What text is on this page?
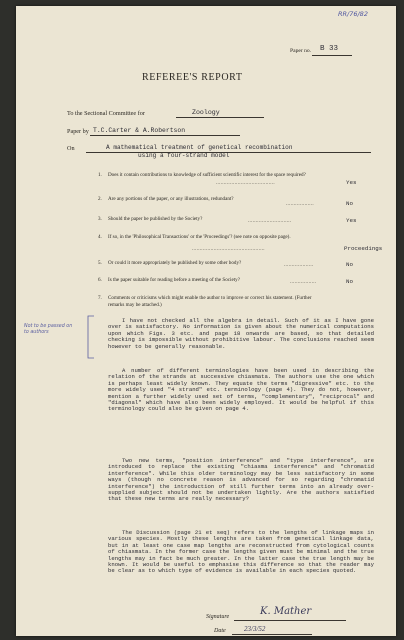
RR/76/82
Paper no. B 33
REFEREE'S REPORT
To the Sectional Committee for	Zoology
Paper by T.C.Carter & A.Robertson
On	A mathematical treatment of genetical recombination
using a four-strand model
1. Does it contain contributions to knowledge of sufficient scientific interest for the space required?
......................................	Yes
2. Are any portions of the paper, or any illustrations, redundant?
..................	No
3. Should the paper be published by the Society?	............................	Yes
4. If so, in the 'Philosophical Transactions' or the 'Proceedings'? (see note on opposite page).
...............................................	Proceedings
5. Or could it more appropriately be published by some other body?	...................	No
6. Is the paper suitable for reading before a meeting of the Society?	.................	No
7. Comments or criticisms which might enable the author to improve or correct his statement. (Further remarks may be attached.)
Not to be passed on to authors
I have not checked all the algebra in detail. Such of it as I have gone over is satisfactory. No information is given about the numerical computations upon which Figs. 3 etc. and page 18 onwards are based, so that detailed checking is impossible without prohibitive labour. The conclusions reached seem however to be generally reasonable.
A number of different terminologies have been used in describing the relation of the strands at successive chiasmata. The authors use the one which is perhaps least widely known. They equate the terms "digressive" etc. to the more widely used "4 strand" etc. terminology (page 4). They do not, however, mention a further widely used set of terms, "complementary", "reciprocal" and "diagonal" which have also been widely employed. It would be helpful if this terminology could also be given on page 4.
Two new terms, "position interference" and "type interference", are introduced to replace the existing "chiasma interference" and "chromatid interference". While this older terminology may be less satisfactory in some ways (though no concrete reason is advanced for so regarding "chromatid interference") the introduction of still further terms into an already over-supplied subject should not be undertaken lightly. Are the authors satisfied that these new terms are really necessary?
The Discussion (page 21 et seq) refers to the lengths of linkage maps in various species. Mostly these lengths are taken from genetical linkage data, but in at least one case map lengths are reconstructed from cytological counts of chiasmata. In the former case the lengths given must be minimal and the true lengths may in fact be much greater. In the latter case the true length may be known. It would be useful to emphasise this difference so that the reader may be clear as to which type of evidence is available in each species quoted.
Signature	K. Mather
Date	23/3/52
